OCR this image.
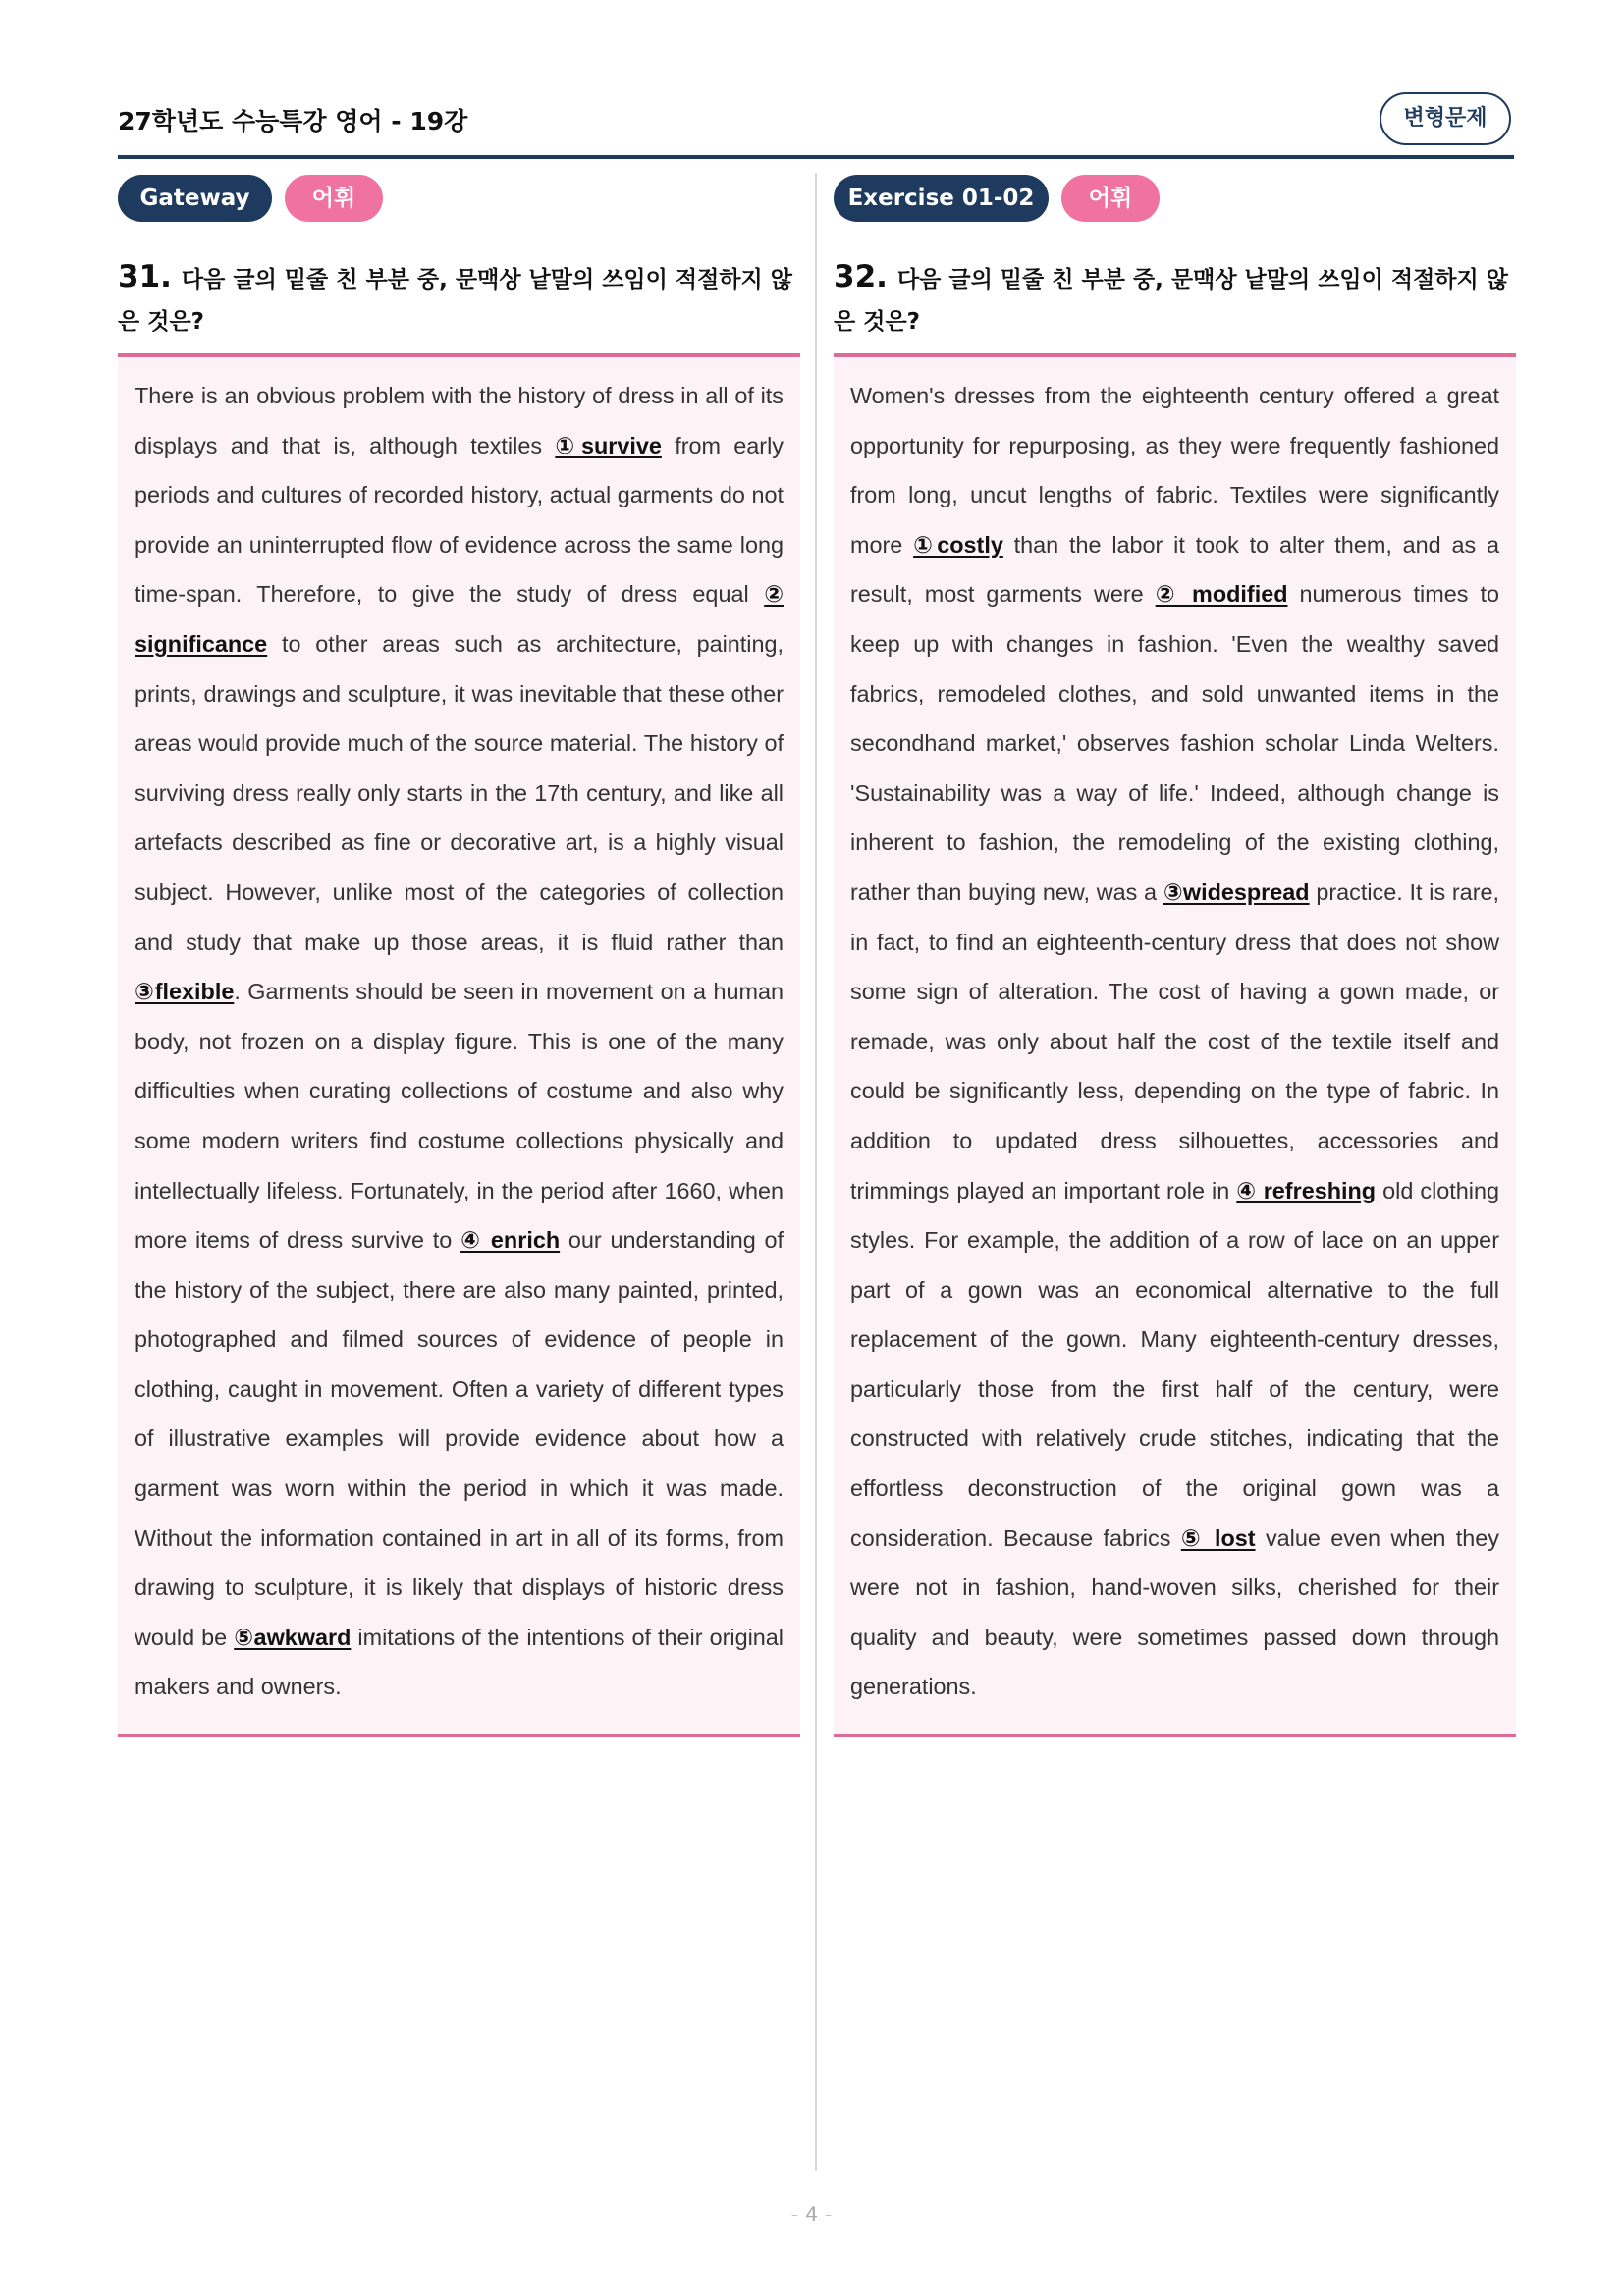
27학년도 수능특강 영어 - 19강	변형문제
Gateway	어휘
31. 다음 글의 밑줄 친 부분 중, 문맥상 낱말의 쓰임이 적절하지 않은 것은?
There is an obvious problem with the history of dress in all of its displays and that is, although textiles ①survive from early periods and cultures of recorded history, actual garments do not provide an uninterrupted flow of evidence across the same long time-span. Therefore, to give the study of dress equal ② significance to other areas such as architecture, painting, prints, drawings and sculpture, it was inevitable that these other areas would provide much of the source material. The history of surviving dress really only starts in the 17th century, and like all artefacts described as fine or decorative art, is a highly visual subject. However, unlike most of the categories of collection and study that make up those areas, it is fluid rather than ③flexible. Garments should be seen in movement on a human body, not frozen on a display figure. This is one of the many difficulties when curating collections of costume and also why some modern writers find costume collections physically and intellectually lifeless. Fortunately, in the period after 1660, when more items of dress survive to ④ enrich our understanding of the history of the subject, there are also many painted, printed, photographed and filmed sources of evidence of people in clothing, caught in movement. Often a variety of different types of illustrative examples will provide evidence about how a garment was worn within the period in which it was made. Without the information contained in art in all of its forms, from drawing to sculpture, it is likely that displays of historic dress would be ⑤awkward imitations of the intentions of their original makers and owners.
Exercise 01-02	어휘
32. 다음 글의 밑줄 친 부분 중, 문맥상 낱말의 쓰임이 적절하지 않은 것은?
Women's dresses from the eighteenth century offered a great opportunity for repurposing, as they were frequently fashioned from long, uncut lengths of fabric. Textiles were significantly more ①costly than the labor it took to alter them, and as a result, most garments were ② modified numerous times to keep up with changes in fashion. 'Even the wealthy saved fabrics, remodeled clothes, and sold unwanted items in the secondhand market,' observes fashion scholar Linda Welters. 'Sustainability was a way of life.' Indeed, although change is inherent to fashion, the remodeling of the existing clothing, rather than buying new, was a ③widespread practice. It is rare, in fact, to find an eighteenth-century dress that does not show some sign of alteration. The cost of having a gown made, or remade, was only about half the cost of the textile itself and could be significantly less, depending on the type of fabric. In addition to updated dress silhouettes, accessories and trimmings played an important role in ④ refreshing old clothing styles. For example, the addition of a row of lace on an upper part of a gown was an economical alternative to the full replacement of the gown. Many eighteenth-century dresses, particularly those from the first half of the century, were constructed with relatively crude stitches, indicating that the effortless deconstruction of the original gown was a consideration. Because fabrics ⑤ lost value even when they were not in fashion, hand-woven silks, cherished for their quality and beauty, were sometimes passed down through generations.
- 4 -
